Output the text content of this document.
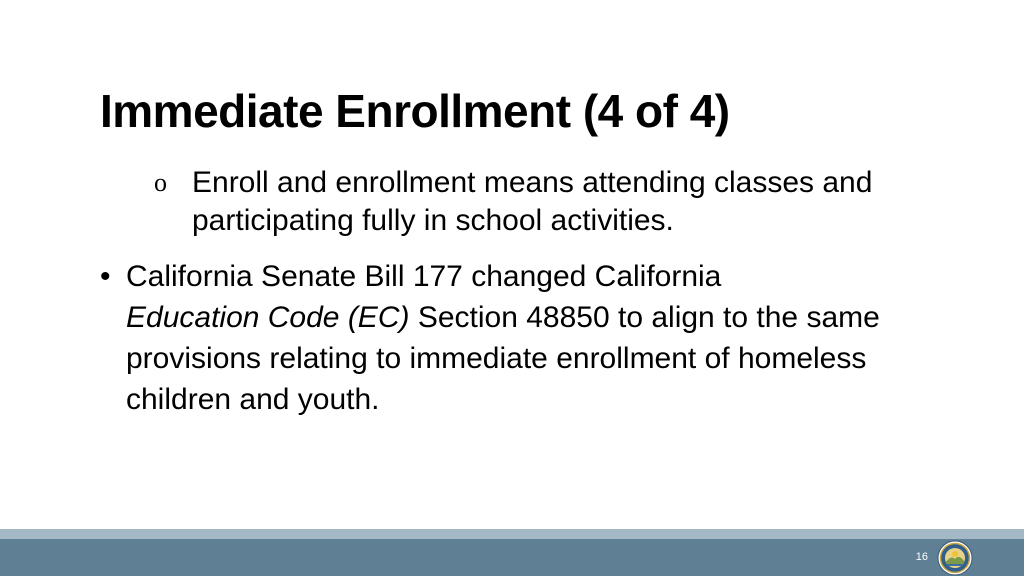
Immediate Enrollment (4 of 4)
o Enroll and enrollment means attending classes and participating fully in school activities.

• California Senate Bill 177 changed California
Education Code (EC) Section 48850 to align to the same provisions relating to immediate enrollment of homeless children and youth.

16
